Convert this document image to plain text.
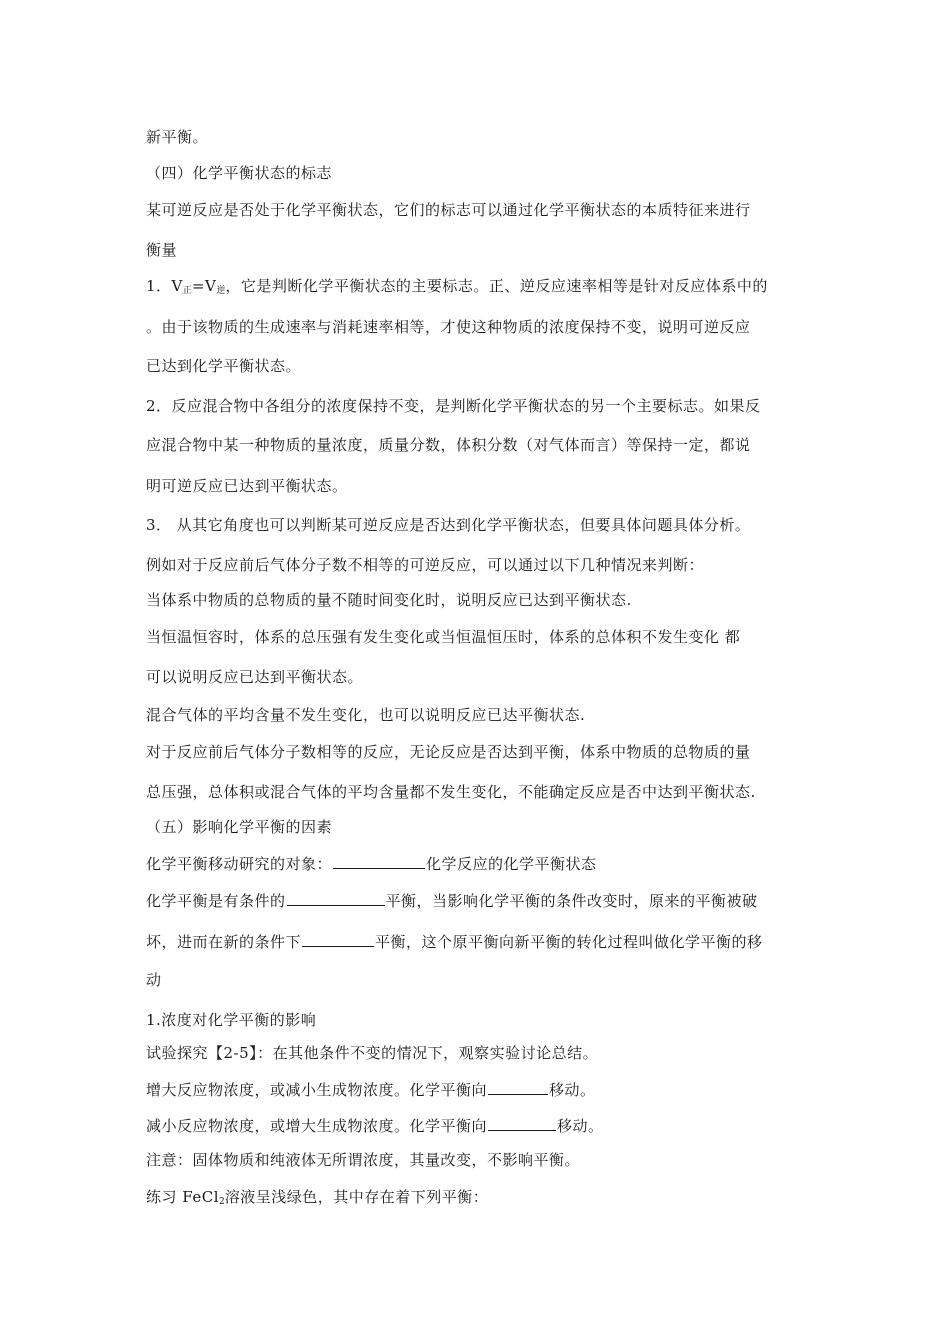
新平衡。
（四）化学平衡状态的标志
某可逆反应是否处于化学平衡状态，它们的标志可以通过化学平衡状态的本质特征来进行
衡量
1．$V_正=V_逆$，它是判断化学平衡状态的主要标志。正、逆反应速率相等是针对反应体系中的
。由于该物质的生成速率与消耗速率相等，才使这种物质的浓度保持不变，说明可逆反应
已达到化学平衡状态。
2．反应混合物中各组分的浓度保持不变，是判断化学平衡状态的另一个主要标志。如果反
应混合物中某一种物质的量浓度，质量分数，体积分数（对气体而言）等保持一定，都说
明可逆反应已达到平衡状态。
3． 从其它角度也可以判断某可逆反应是否达到化学平衡状态，但要具体问题具体分析。
例如对于反应前后气体分子数不相等的可逆反应，可以通过以下几种情况来判断：
当体系中物质的总物质的量不随时间变化时，说明反应已达到平衡状态.
当恒温恒容时，体系的总压强有发生变化或当恒温恒压时，体系的总体积不发生变化 都
可以说明反应已达到平衡状态。
混合气体的平均含量不发生变化，也可以说明反应已达平衡状态.
对于反应前后气体分子数相等的反应，无论反应是否达到平衡，体系中物质的总物质的量
总压强，总体积或混合气体的平均含量都不发生变化，不能确定反应是否中达到平衡状态.
（五）影响化学平衡的因素
化学平衡移动研究的对象：	化学反应的化学平衡状态
化学平衡是有条件的	平衡，当影响化学平衡的条件改变时，原来的平衡被破
坏，进而在新的条件下	平衡，这个原平衡向新平衡的转化过程叫做化学平衡的移
动
1.浓度对化学平衡的影响
试验探究【2-5】：在其他条件不变的情况下，观察实验讨论总结。
增大反应物浓度，或减小生成物浓度。化学平衡向	移动。
减小反应物浓度，或增大生成物浓度。化学平衡向	移动。
注意：固体物质和纯液体无所谓浓度，其量改变，不影响平衡。
练习 FeCl$_2$溶液呈浅绿色，其中存在着下列平衡：
